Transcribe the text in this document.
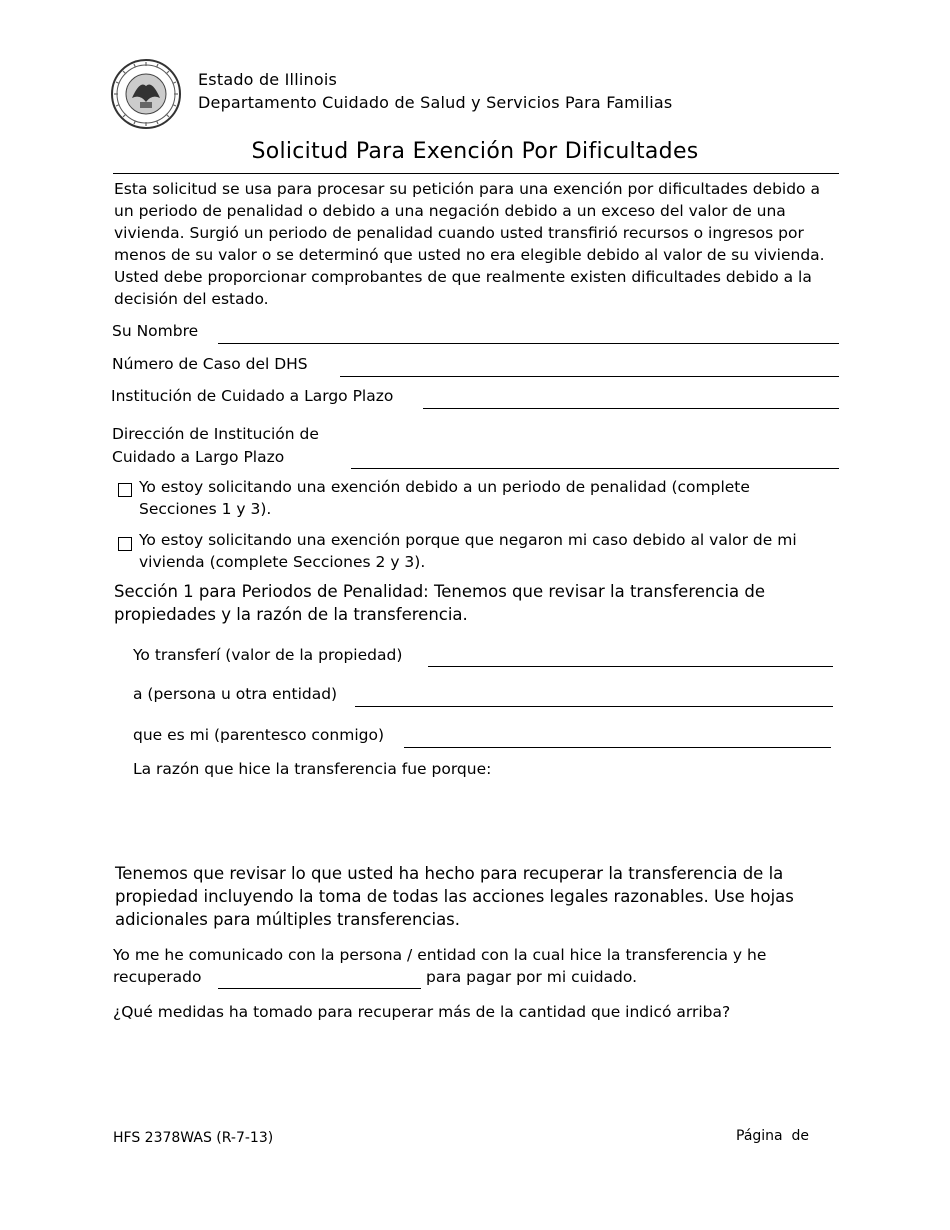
Estado de Illinois
Departamento Cuidado de Salud y Servicios Para Familias
Solicitud Para Exención Por Dificultades

Esta solicitud se usa para procesar su petición para una exención por dificultades debido a un periodo de penalidad o debido a una negación debido a un exceso del valor de una vivienda. Surgió un periodo de penalidad cuando usted transfirió recursos o ingresos por menos de su valor o se determinó que usted no era elegible debido al valor de su vivienda. Usted debe proporcionar comprobantes de que realmente existen dificultades debido a la decisión del estado.

Su Nombre
Número de Caso del DHS
Institución de Cuidado a Largo Plazo
Dirección de Institución de
Cuidado a Largo Plazo
Yo estoy solicitando una exención debido a un periodo de penalidad (complete Secciones 1 y 3).
Yo estoy solicitando una exención porque que negaron mi caso debido al valor de mi vivienda (complete Secciones 2 y 3).
Sección 1 para Periodos de Penalidad: Tenemos que revisar la transferencia de propiedades y la razón de la transferencia.
Yo transferí (valor de la propiedad)
a (persona u otra entidad)
que es mi (parentesco conmigo)
La razón que hice la transferencia fue porque:
Tenemos que revisar lo que usted ha hecho para recuperar la transferencia de la propiedad incluyendo la toma de todas las acciones legales razonables. Use hojas adicionales para múltiples transferencias.
Yo me he comunicado con la persona / entidad con la cual hice la transferencia y he
recuperado	para pagar por mi cuidado.
¿Qué medidas ha tomado para recuperar más de la cantidad que indicó arriba?
HFS 2378WAS (R-7-13)	Página  de
